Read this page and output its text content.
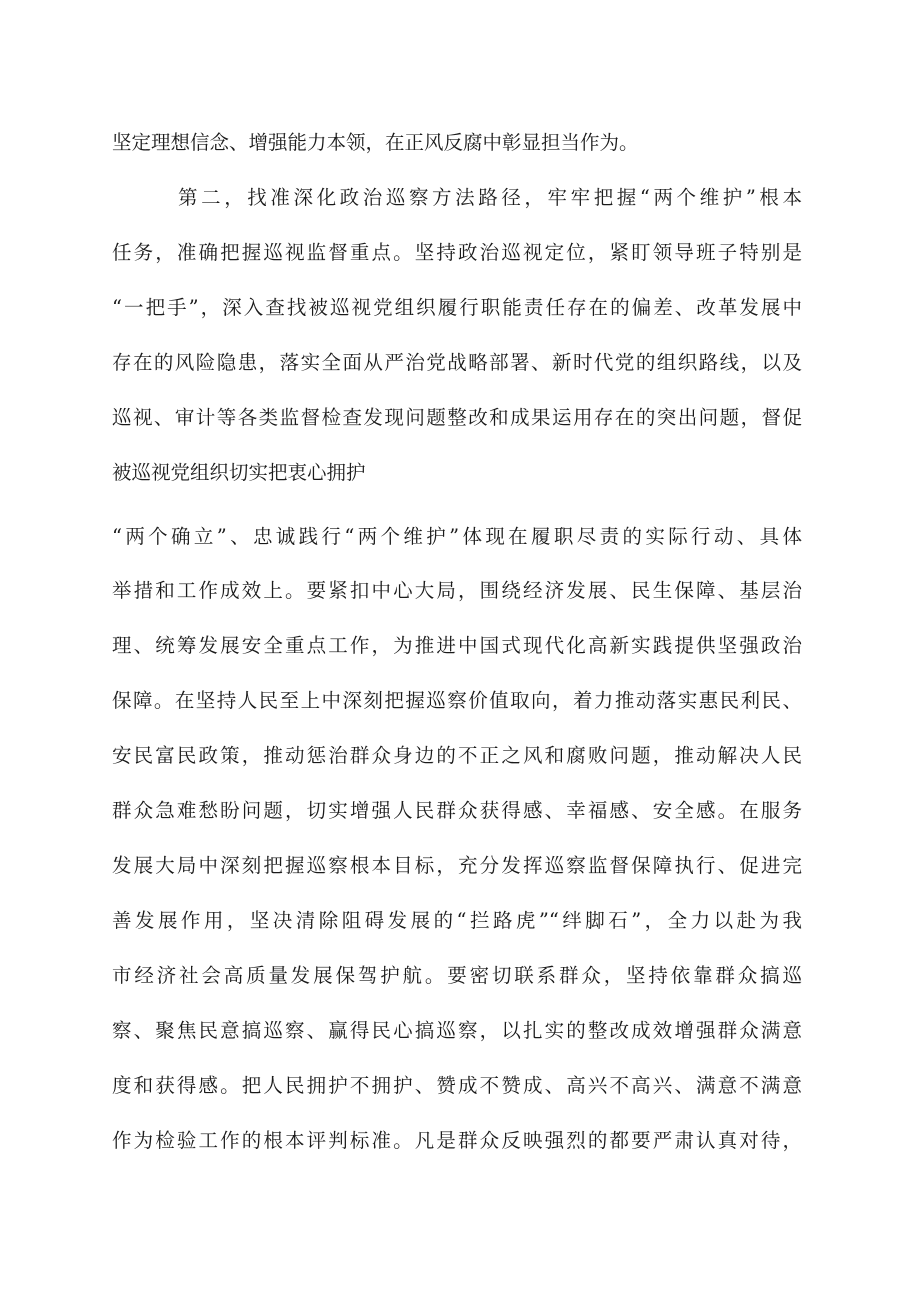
坚定理想信念、增强能力本领，在正风反腐中彰显担当作为。
第二，找准深化政治巡察方法路径，牢牢把握“两个维护”根本
任务，准确把握巡视监督重点。坚持政治巡视定位，紧盯领导班子特别是
“一把手”，深入查找被巡视党组织履行职能责任存在的偏差、改革发展中
存在的风险隐患，落实全面从严治党战略部署、新时代党的组织路线，以及
巡视、审计等各类监督检查发现问题整改和成果运用存在的突出问题，督促
被巡视党组织切实把衷心拥护
“两个确立”、忠诚践行“两个维护”体现在履职尽责的实际行动、具体
举措和工作成效上。要紧扣中心大局，围绕经济发展、民生保障、基层治
理、统筹发展安全重点工作，为推进中国式现代化高新实践提供坚强政治
保障。在坚持人民至上中深刻把握巡察价值取向，着力推动落实惠民利民、
安民富民政策，推动惩治群众身边的不正之风和腐败问题，推动解决人民
群众急难愁盼问题，切实增强人民群众获得感、幸福感、安全感。在服务
发展大局中深刻把握巡察根本目标，充分发挥巡察监督保障执行、促进完
善发展作用，坚决清除阻碍发展的“拦路虎”“绊脚石”，全力以赴为我
市经济社会高质量发展保驾护航。要密切联系群众，坚持依靠群众搞巡
察、聚焦民意搞巡察、赢得民心搞巡察，以扎实的整改成效增强群众满意
度和获得感。把人民拥护不拥护、赞成不赞成、高兴不高兴、满意不满意
作为检验工作的根本评判标准。凡是群众反映强烈的都要严肃认真对待，
